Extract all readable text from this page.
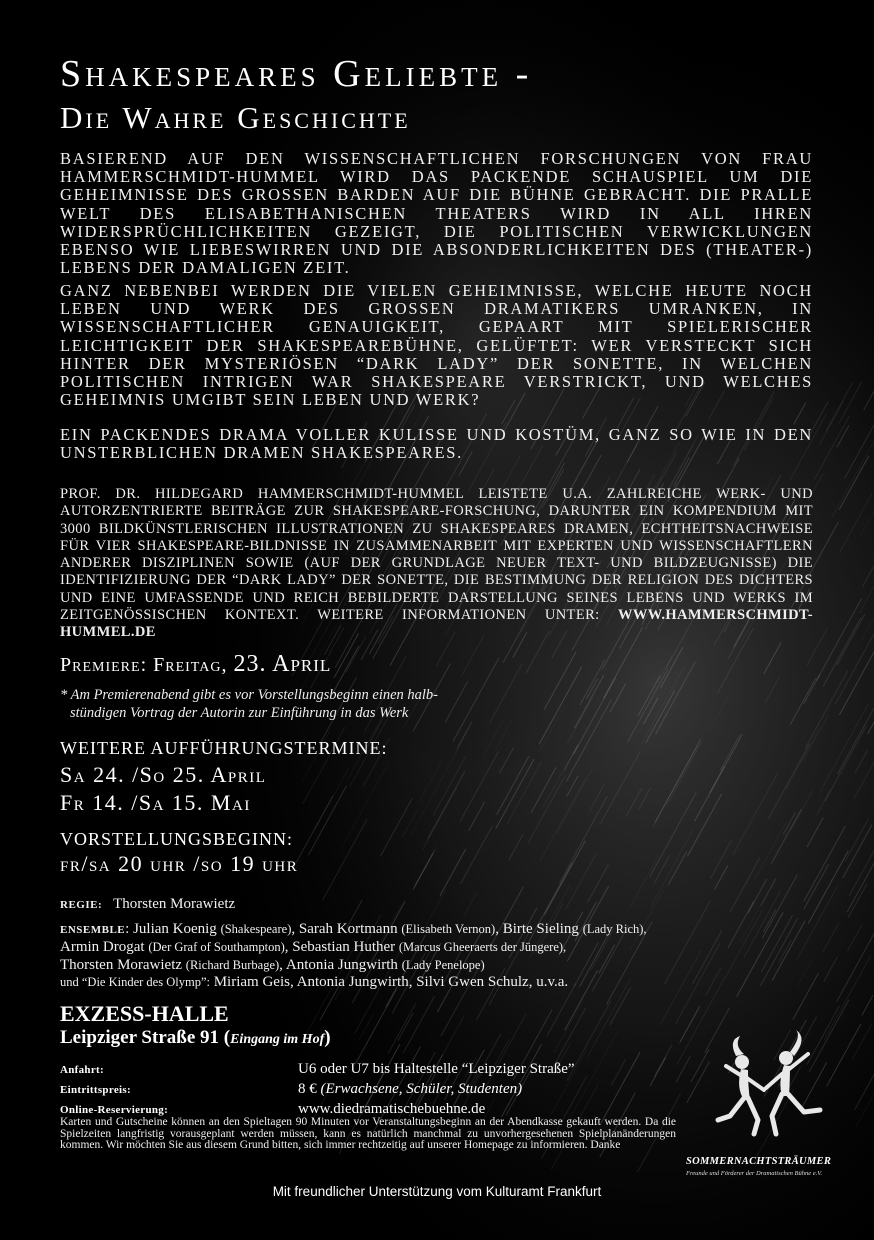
Shakespeares Geliebte -
Die Wahre Geschichte

BASIEREND AUF DEN WISSENSCHAFTLICHEN FORSCHUNGEN VON FRAU HAMMERSCHMIDT-HUMMEL WIRD DAS PACKENDE SCHAUSPIEL UM DIE GEHEIMNISSE DES GROSSEN BARDEN AUF DIE BÜHNE GEBRACHT. DIE PRALLE WELT DES ELISABETHANISCHEN THEATERS WIRD IN ALL IHREN WIDERSPRÜCHLICHKEITEN GEZEIGT, DIE POLITISCHEN VERWICKLUNGEN EBENSO WIE LIEBESWIRREN UND DIE ABSONDERLICHKEITEN DES (THEATER-) LEBENS DER DAMALIGEN ZEIT.

GANZ NEBENBEI WERDEN DIE VIELEN GEHEIMNISSE, WELCHE HEUTE NOCH LEBEN UND WERK DES GROSSEN DRAMATIKERS UMRANKEN, IN WISSENSCHAFTLICHER GENAUIGKEIT, GEPAART MIT SPIELERISCHER LEICHTIGKEIT DER SHAKESPEAREBÜHNE, GELÜFTET: WER VERSTECKT SICH HINTER DER MYSTERIÖSEN “DARK LADY” DER SONETTE, IN WELCHEN POLITISCHEN INTRIGEN WAR SHAKESPEARE VERSTRICKT, UND WELCHES GEHEIMNIS UMGIBT SEIN LEBEN UND WERK?

EIN PACKENDES DRAMA VOLLER KULISSE UND KOSTÜM, GANZ SO WIE IN DEN UNSTERBLICHEN DRAMEN SHAKESPEARES.

PROF. DR. HILDEGARD HAMMERSCHMIDT-HUMMEL LEISTETE U.A. ZAHLREICHE WERK- UND AUTORZENTRIERTE BEITRÄGE ZUR SHAKESPEARE-FORSCHUNG, DARUNTER EIN KOMPENDIUM MIT 3000 BILDKÜNSTLERISCHEN ILLUSTRATIONEN ZU SHAKESPEARES DRAMEN, ECHTHEITSNACHWEISE FÜR VIER SHAKESPEARE-BILDNISSE IN ZUSAMMENARBEIT MIT EXPERTEN UND WISSENSCHAFTLERN ANDERER DISZIPLINEN SOWIE (AUF DER GRUNDLAGE NEUER TEXT- UND BILDZEUGNISSE) DIE IDENTIFIZIERUNG DER “DARK LADY” DER SONETTE, DIE BESTIMMUNG DER RELIGION DES DICHTERS UND EINE UMFASSENDE UND REICH BEBILDERTE DARSTELLUNG SEINES LEBENS UND WERKS IM ZEITGENÖSSISCHEN KONTEXT. WEITERE INFORMATIONEN UNTER: WWW.HAMMERSCHMIDT-HUMMEL.DE
Premiere: Freitag, 23. April
* Am Premierenabend gibt es vor Vorstellungsbeginn einen halb-
stündigen Vortrag der Autorin zur Einführung in das Werk
WEITERE AUFFÜHRUNGSTERMINE:
Sa 24. /So 25. April
Fr 14. /Sa 15. Mai
VORSTELLUNGSBEGINN:
fr/sa 20 uhr /so 19 uhr
REGIE: Thorsten Morawietz
ENSEMBLE: Julian Koenig (Shakespeare), Sarah Kortmann (Elisabeth Vernon), Birte Sieling (Lady Rich),
Armin Drogat (Der Graf of Southampton), Sebastian Huther (Marcus Gheeraerts der Jüngere),
Thorsten Morawietz (Richard Burbage), Antonia Jungwirth (Lady Penelope)
und “Die Kinder des Olymp”: Miriam Geis, Antonia Jungwirth, Silvi Gwen Schulz, u.v.a.
EXZESS-HALLE
Leipziger Straße 91 (Eingang im Hof)
Anfahrt:	U6 oder U7 bis Haltestelle “Leipziger Straße”
Eintrittspreis:	8 € (Erwachsene, Schüler, Studenten)
Online-Reservierung:	www.diedramatischebuehne.de
Karten und Gutscheine können an den Spieltagen 90 Minuten vor Veranstaltungsbeginn an der Abendkasse gekauft werden. Da die Spielzeiten langfristig vorausgeplant werden müssen, kann es natürlich manchmal zu unvorhergesehenen Spielplanänderungen kommen. Wir möchten Sie aus diesem Grund bitten, sich immer rechtzeitig auf unserer Homepage zu informieren. Danke
SOMMERNACHTSTRÄUMER
Freunde und Förderer der Dramatischen Bühne e.V.
Mit freundlicher Unterstützung vom Kulturamt Frankfurt
